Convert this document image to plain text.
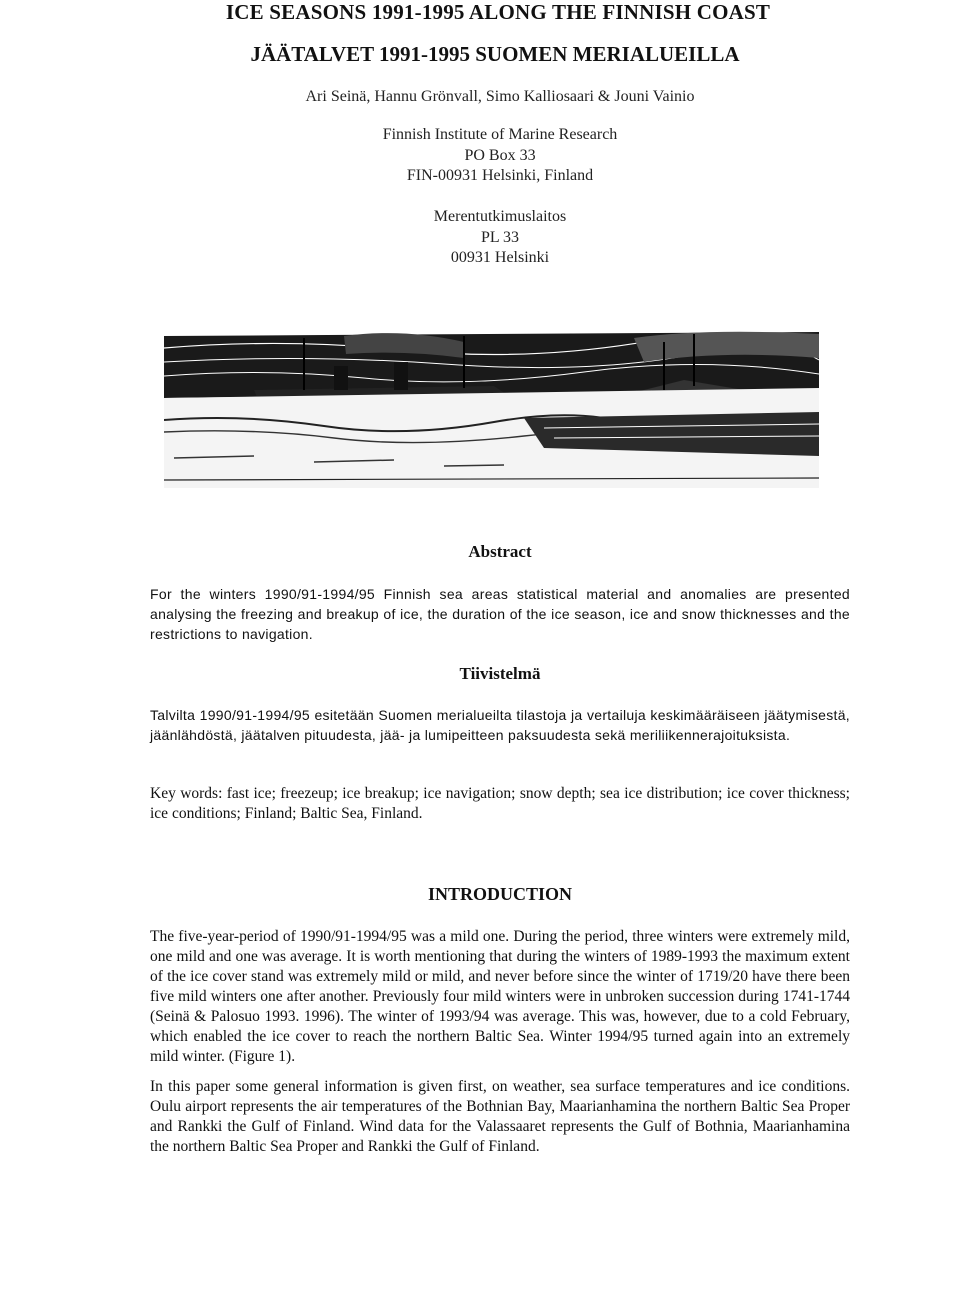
ICE SEASONS 1991-1995 ALONG THE FINNISH COAST
JÄÄTALVET 1991-1995 SUOMEN MERIALUEILLA
Ari Seinä, Hannu Grönvall, Simo Kalliosaari & Jouni Vainio
Finnish Institute of Marine Research
PO Box 33
FIN-00931 Helsinki, Finland
Merentutkimuslaitos
PL 33
00931 Helsinki
Abstract
For the winters 1990/91-1994/95 Finnish sea areas statistical material and anomalies are presented analysing the freezing and breakup of ice, the duration of the ice season, ice and snow thicknesses and the restrictions to navigation.
Tiivistelmä
Talvilta 1990/91-1994/95 esitetään Suomen merialueilta tilastoja ja vertailuja keskimääräiseen jäätymisestä, jäänlähdöstä, jäätalven pituudesta, jää- ja lumipeitteen paksuudesta sekä meriliikennerajoituksista.
Key words: fast ice; freezeup; ice breakup; ice navigation; snow depth; sea ice distribution; ice cover thickness; ice conditions; Finland; Baltic Sea, Finland.
INTRODUCTION
The five-year-period of 1990/91-1994/95 was a mild one. During the period, three winters were extremely mild, one mild and one was average. It is worth mentioning that during the winters of 1989-1993 the maximum extent of the ice cover stand was extremely mild or mild, and never before since the winter of 1719/20 have there been five mild winters one after another. Previously four mild winters were in unbroken succession during 1741-1744 (Seinä & Palosuo 1993. 1996). The winter of 1993/94 was average. This was, however, due to a cold February, which enabled the ice cover to reach the northern Baltic Sea. Winter 1994/95 turned again into an extremely mild winter. (Figure 1).
In this paper some general information is given first, on weather, sea surface temperatures and ice conditions. Oulu airport represents the air temperatures of the Bothnian Bay, Maarianhamina the northern Baltic Sea Proper and Rankki the Gulf of Finland. Wind data for the Valassaaret represents the Gulf of Bothnia, Maarianhamina the northern Baltic Sea Proper and Rankki the Gulf of Finland.
